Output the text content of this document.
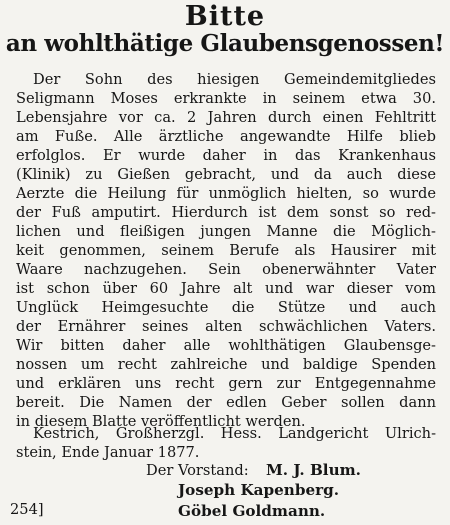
Bitte
an wohlthätige Glaubensgenossen!
Der Sohn des hiesigen Gemeindemitgliedes
Seligmann Moses erkrankte in seinem etwa 30.
Lebensjahre vor ca. 2 Jahren durch einen Fehltritt
am Fuße. Alle ärztliche angewandte Hilfe blieb
erfolglos. Er wurde daher in das Krankenhaus
(Klinik) zu Gießen gebracht, und da auch diese
Aerzte die Heilung für unmöglich hielten, so wurde
der Fuß amputirt. Hierdurch ist dem sonst so red-
lichen und fleißigen jungen Manne die Möglich-
keit genommen, seinem Berufe als Hausirer mit
Waare nachzugehen. Sein obenerwähnter Vater
ist schon über 60 Jahre alt und war dieser vom
Unglück Heimgesuchte die Stütze und auch
der Ernährer seines alten schwächlichen Vaters.
Wir bitten daher alle wohlthätigen Glaubensge-
nossen um recht zahlreiche und baldige Spenden
und erklären uns recht gern zur Entgegennahme
bereit. Die Namen der edlen Geber sollen dann
in diesem Blatte veröffentlicht werden.
Kestrich, Großherzgl. Hess. Landgericht Ulrich-
stein, Ende Januar 1877.
Der Vorstand: M. J. Blum.
Joseph Kapenberg.
Göbel Goldmann.
254]
